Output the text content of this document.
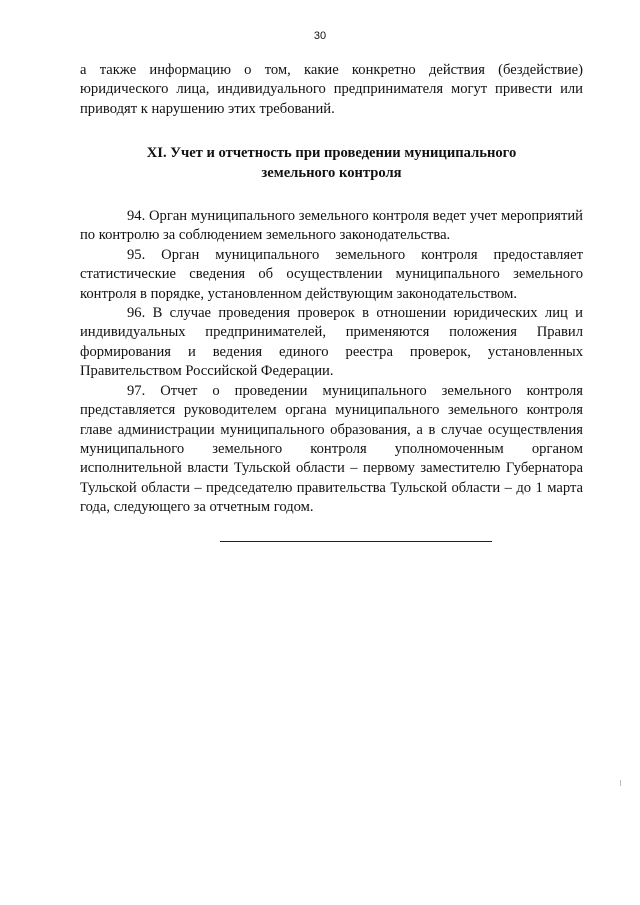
30

а также информацию о том, какие конкретно действия (бездействие) юридического лица, индивидуального предпринимателя могут привести или приводят к нарушению этих требований.

XI. Учет и отчетность при проведении муниципального земельного контроля

94. Орган муниципального земельного контроля ведет учет мероприятий по контролю за соблюдением земельного законодательства.

95. Орган муниципального земельного контроля предоставляет статистические сведения об осуществлении муниципального земельного контроля в порядке, установленном действующим законодательством.

96. В случае проведения проверок в отношении юридических лиц и индивидуальных предпринимателей, применяются положения Правил формирования и ведения единого реестра проверок, установленных Правительством Российской Федерации.

97. Отчет о проведении муниципального земельного контроля представляется руководителем органа муниципального земельного контроля главе администрации муниципального образования, а в случае осуществления муниципального земельного контроля уполномоченным органом исполнительной власти Тульской области – первому заместителю Губернатора Тульской области – председателю правительства Тульской области – до 1 марта года, следующего за отчетным годом.
